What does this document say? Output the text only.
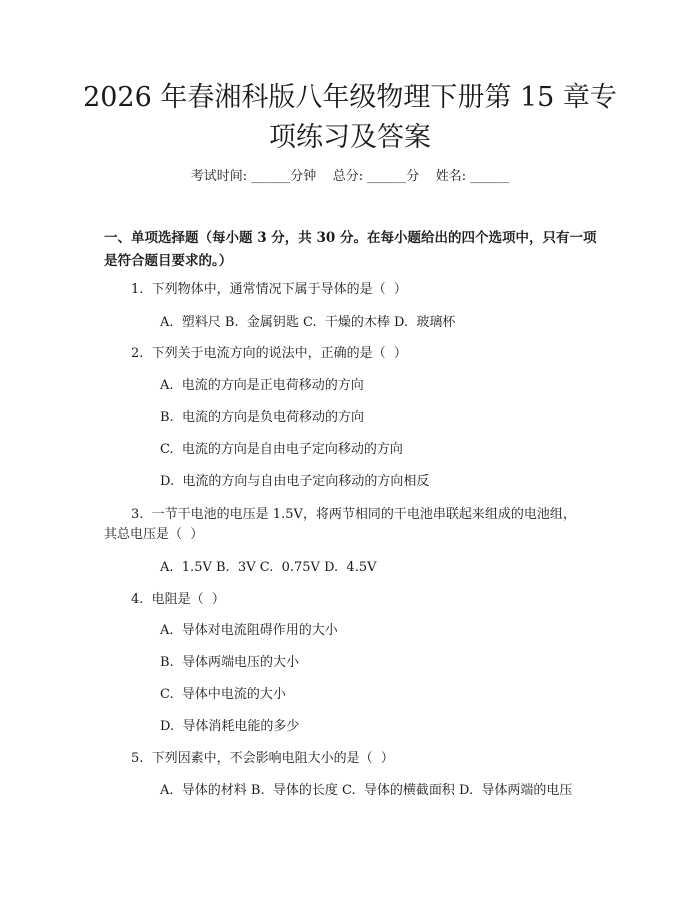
2026 年春湘科版八年级物理下册第 15 章专
项练习及答案
考试时间: ______分钟    总分: ______分    姓名: ______
一、单项选择题（每小题 3 分，共 30 分。在每小题给出的四个选项中，只有一项
是符合题目要求的。）
1.  下列物体中，通常情况下属于导体的是（  ）
A.  塑料尺 B.  金属钥匙 C.  干燥的木棒 D.  玻璃杯
2.  下列关于电流方向的说法中，正确的是（  ）
A.  电流的方向是正电荷移动的方向
B.  电流的方向是负电荷移动的方向
C.  电流的方向是自由电子定向移动的方向
D.  电流的方向与自由电子定向移动的方向相反
3.  一节干电池的电压是 1.5V，将两节相同的干电池串联起来组成的电池组，
其总电压是（  ）
A.  1.5V B.  3V C.  0.75V D.  4.5V
4.  电阻是（  ）
A.  导体对电流阻碍作用的大小
B.  导体两端电压的大小
C.  导体中电流的大小
D.  导体消耗电能的多少
5.  下列因素中，不会影响电阻大小的是（  ）
A.  导体的材料 B.  导体的长度 C.  导体的横截面积 D.  导体两端的电压
